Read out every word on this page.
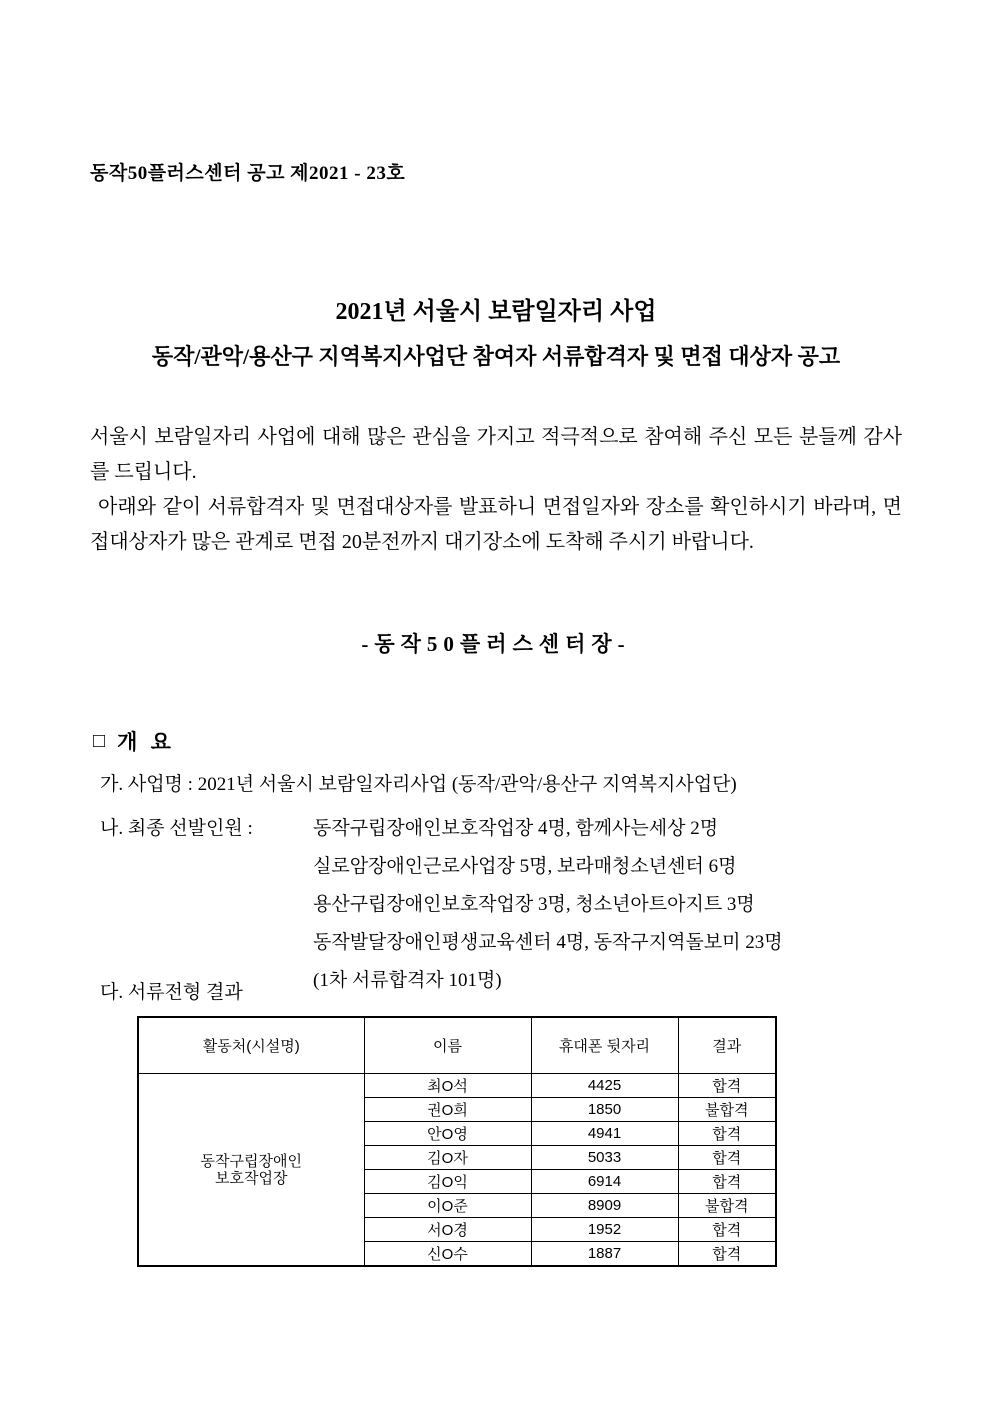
동작50플러스센터 공고 제2021 - 23호
2021년 서울시 보람일자리 사업
동작/관악/용산구 지역복지사업단 참여자 서류합격자 및 면접 대상자 공고

서울시 보람일자리 사업에 대해 많은 관심을 가지고 적극적으로 참여해 주신 모든 분들께 감사를 드립니다.

아래와 같이 서류합격자 및 면접대상자를 발표하니 면접일자와 장소를 확인하시기 바라며, 면접대상자가 많은 관계로 면접 20분전까지 대기장소에 도착해 주시기 바랍니다.

-동작50플러스센터장-
□ 개 요
가. 사업명 : 2021년 서울시 보람일자리사업 (동작/관악/용산구 지역복지사업단)
나. 최종 선발인원 :	동작구립장애인보호작업장 4명, 함께사는세상 2명
실로암장애인근로사업장 5명, 보라매청소년센터 6명
용산구립장애인보호작업장 3명, 청소년아트아지트 3명
동작발달장애인평생교육센터 4명, 동작구지역돌보미 23명
(1차 서류합격자 101명)
다. 서류전형 결과
활동처(시설명)	이름	휴대폰 뒷자리	결과

동작구립장애인
보호작업장	최O석	4425	합격
	권O희	1850	불합격
	안O영	4941	합격
	김O자	5033	합격
	김O익	6914	합격
	이O준	8909	불합격
	서O경	1952	합격
	신O수	1887	합격
